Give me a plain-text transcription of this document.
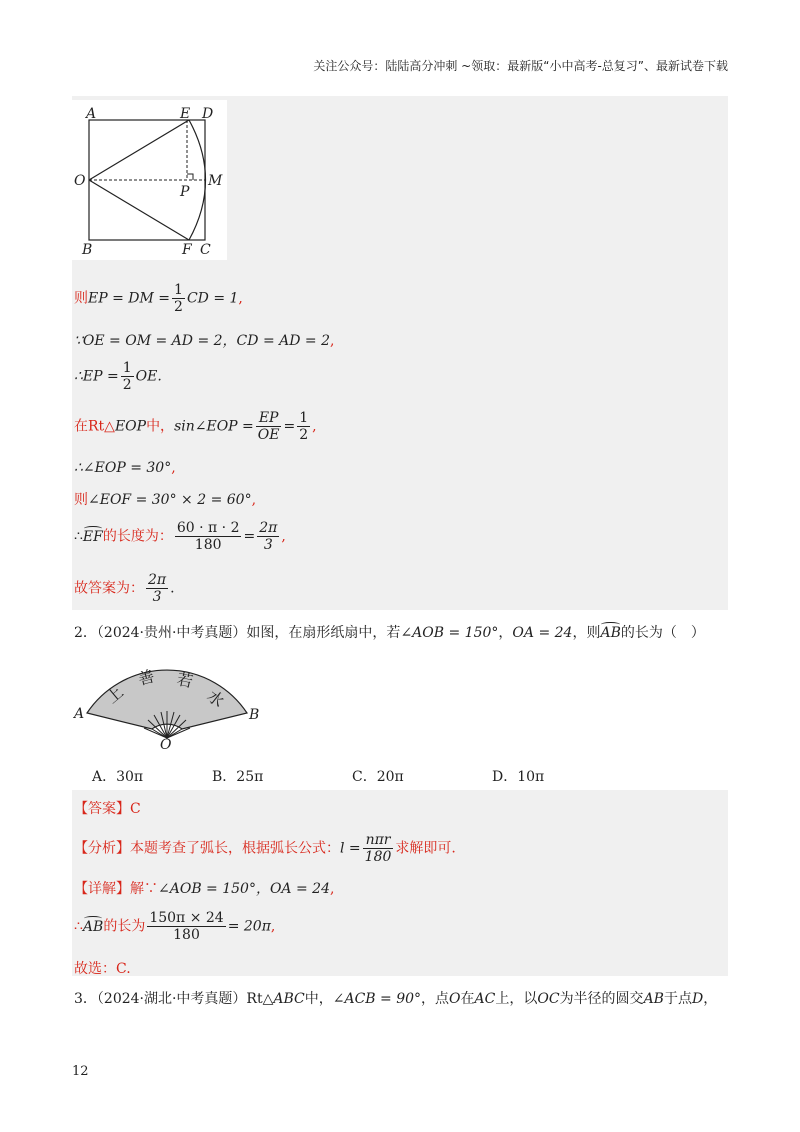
关注公众号：陆陆高分冲刺 ~领取：最新版“小中高考-总复习”、最新试卷下载
A	E D
O
P
M
B	F C
则EP = DM = $\frac{1}{2}$ CD = 1,
∵OE = OM = AD = 2，CD = AD = 2,
∴EP = $\frac{1}{2}$ OE.
在Rt△EOP中，sin∠EOP = $\frac{EP}{OE} = \frac{1}{2}$ ,
∴∠EOP = 30°,
则∠EOF = 30° × 2 = 60°,
∴EF的长度为： $\frac{60 \cdot \pi \cdot 2}{180} = \frac{2\pi}{3}$ ,
故答案为： $\frac{2\pi}{3}$ .
2．（2024·贵州·中考真题）如图，在扇形纸扇中，若∠AOB = 150°，OA = 24，则AB的长为（　）
上
善 若
水
A	B
O
A．30π	B．25π	C．20π	D．10π
【答案】C
【分析】本题考查了弧长，根据弧长公式：$l = \frac{\text{nπr}}{180}$ 求解即可.
【详解】解∵∠AOB = 150°，OA = 24,
∴AB的长为 $\frac{150\pi \times 24}{180} = 20\pi$,
故选：C.
3．（2024·湖北·中考真题）Rt△ABC中，∠ACB = 90°，点O在AC上，以OC为半径的圆交AB于点D，
12
